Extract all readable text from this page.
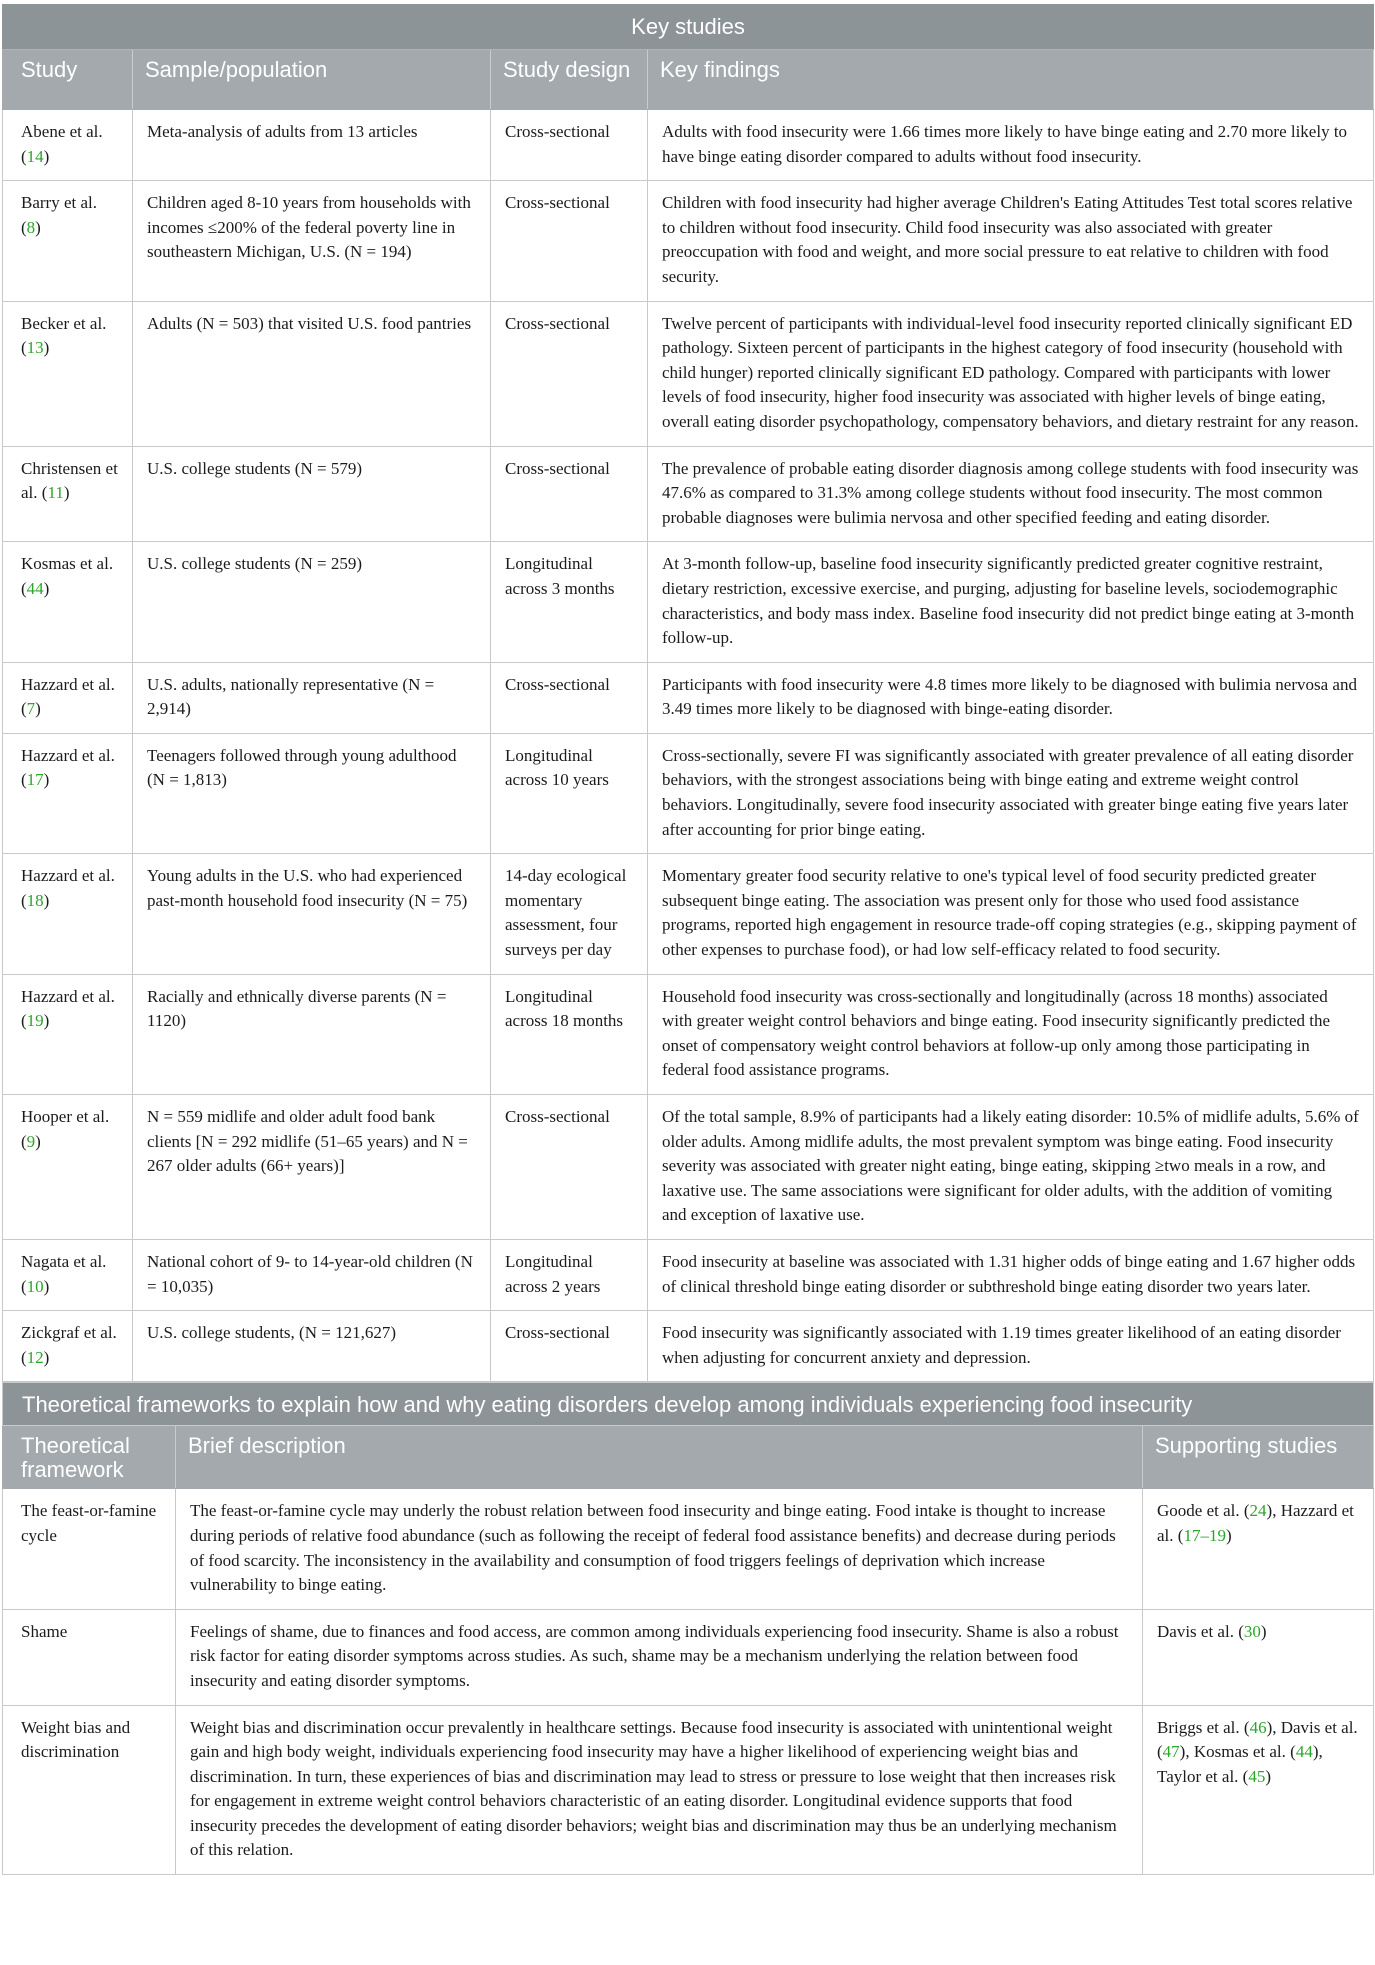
Key studies			
Study	Sample/population	Study design	Key findings
Abene et al. (14)	Meta-analysis of adults from 13 articles	Cross-sectional	Adults with food insecurity were 1.66 times more likely to have binge eating and 2.70 more likely to have binge eating disorder compared to adults without food insecurity.
Barry et al. (8)	Children aged 8-10 years from households with incomes ≤200% of the federal poverty line in southeastern Michigan, U.S. (N = 194)	Cross-sectional	Children with food insecurity had higher average Children's Eating Attitudes Test total scores relative to children without food insecurity. Child food insecurity was also associated with greater preoccupation with food and weight, and more social pressure to eat relative to children with food security.
Becker et al. (13)	Adults (N = 503) that visited U.S. food pantries	Cross-sectional	Twelve percent of participants with individual-level food insecurity reported clinically significant ED pathology. Sixteen percent of participants in the highest category of food insecurity (household with child hunger) reported clinically significant ED pathology. Compared with participants with lower levels of food insecurity, higher food insecurity was associated with higher levels of binge eating, overall eating disorder psychopathology, compensatory behaviors, and dietary restraint for any reason.
Christensen et al. (11)	U.S. college students (N = 579)	Cross-sectional	The prevalence of probable eating disorder diagnosis among college students with food insecurity was 47.6% as compared to 31.3% among college students without food insecurity. The most common probable diagnoses were bulimia nervosa and other specified feeding and eating disorder.
Kosmas et al. (44)	U.S. college students (N = 259)	Longitudinal across 3 months	At 3-month follow-up, baseline food insecurity significantly predicted greater cognitive restraint, dietary restriction, excessive exercise, and purging, adjusting for baseline levels, sociodemographic characteristics, and body mass index. Baseline food insecurity did not predict binge eating at 3-month follow-up.
Hazzard et al. (7)	U.S. adults, nationally representative (N = 2,914)	Cross-sectional	Participants with food insecurity were 4.8 times more likely to be diagnosed with bulimia nervosa and 3.49 times more likely to be diagnosed with binge-eating disorder.
Hazzard et al. (17)	Teenagers followed through young adulthood (N = 1,813)	Longitudinal across 10 years	Cross-sectionally, severe FI was significantly associated with greater prevalence of all eating disorder behaviors, with the strongest associations being with binge eating and extreme weight control behaviors. Longitudinally, severe food insecurity associated with greater binge eating five years later after accounting for prior binge eating.
Hazzard et al. (18)	Young adults in the U.S. who had experienced past-month household food insecurity (N = 75)	14-day ecological momentary assessment, four surveys per day	Momentary greater food security relative to one's typical level of food security predicted greater subsequent binge eating. The association was present only for those who used food assistance programs, reported high engagement in resource trade-off coping strategies (e.g., skipping payment of other expenses to purchase food), or had low self-efficacy related to food security.
Hazzard et al. (19)	Racially and ethnically diverse parents (N = 1120)	Longitudinal across 18 months	Household food insecurity was cross-sectionally and longitudinally (across 18 months) associated with greater weight control behaviors and binge eating. Food insecurity significantly predicted the onset of compensatory weight control behaviors at follow-up only among those participating in federal food assistance programs.
Hooper et al. (9)	N = 559 midlife and older adult food bank clients [N = 292 midlife (51–65 years) and N = 267 older adults (66+ years)]	Cross-sectional	Of the total sample, 8.9% of participants had a likely eating disorder: 10.5% of midlife adults, 5.6% of older adults. Among midlife adults, the most prevalent symptom was binge eating. Food insecurity severity was associated with greater night eating, binge eating, skipping ≥two meals in a row, and laxative use. The same associations were significant for older adults, with the addition of vomiting and exception of laxative use.
Nagata et al. (10)	National cohort of 9- to 14-year-old children (N = 10,035)	Longitudinal across 2 years	Food insecurity at baseline was associated with 1.31 higher odds of binge eating and 1.67 higher odds of clinical threshold binge eating disorder or subthreshold binge eating disorder two years later.
Zickgraf et al. (12)	U.S. college students, (N = 121,627)	Cross-sectional	Food insecurity was significantly associated with 1.19 times greater likelihood of an eating disorder when adjusting for concurrent anxiety and depression.
Theoretical frameworks to explain how and why eating disorders develop among individuals experiencing food insecurity		
Theoretical framework	Brief description	Supporting studies
The feast-or-famine cycle	The feast-or-famine cycle may underly the robust relation between food insecurity and binge eating. Food intake is thought to increase during periods of relative food abundance (such as following the receipt of federal food assistance benefits) and decrease during periods of food scarcity. The inconsistency in the availability and consumption of food triggers feelings of deprivation which increase vulnerability to binge eating.	Goode et al. (24), Hazzard et al. (17–19)
Shame	Feelings of shame, due to finances and food access, are common among individuals experiencing food insecurity. Shame is also a robust risk factor for eating disorder symptoms across studies. As such, shame may be a mechanism underlying the relation between food insecurity and eating disorder symptoms.	Davis et al. (30)
Weight bias and discrimination	Weight bias and discrimination occur prevalently in healthcare settings. Because food insecurity is associated with unintentional weight gain and high body weight, individuals experiencing food insecurity may have a higher likelihood of experiencing weight bias and discrimination. In turn, these experiences of bias and discrimination may lead to stress or pressure to lose weight that then increases risk for engagement in extreme weight control behaviors characteristic of an eating disorder. Longitudinal evidence supports that food insecurity precedes the development of eating disorder behaviors; weight bias and discrimination may thus be an underlying mechanism of this relation.	Briggs et al. (46), Davis et al. (47), Kosmas et al. (44), Taylor et al. (45)
